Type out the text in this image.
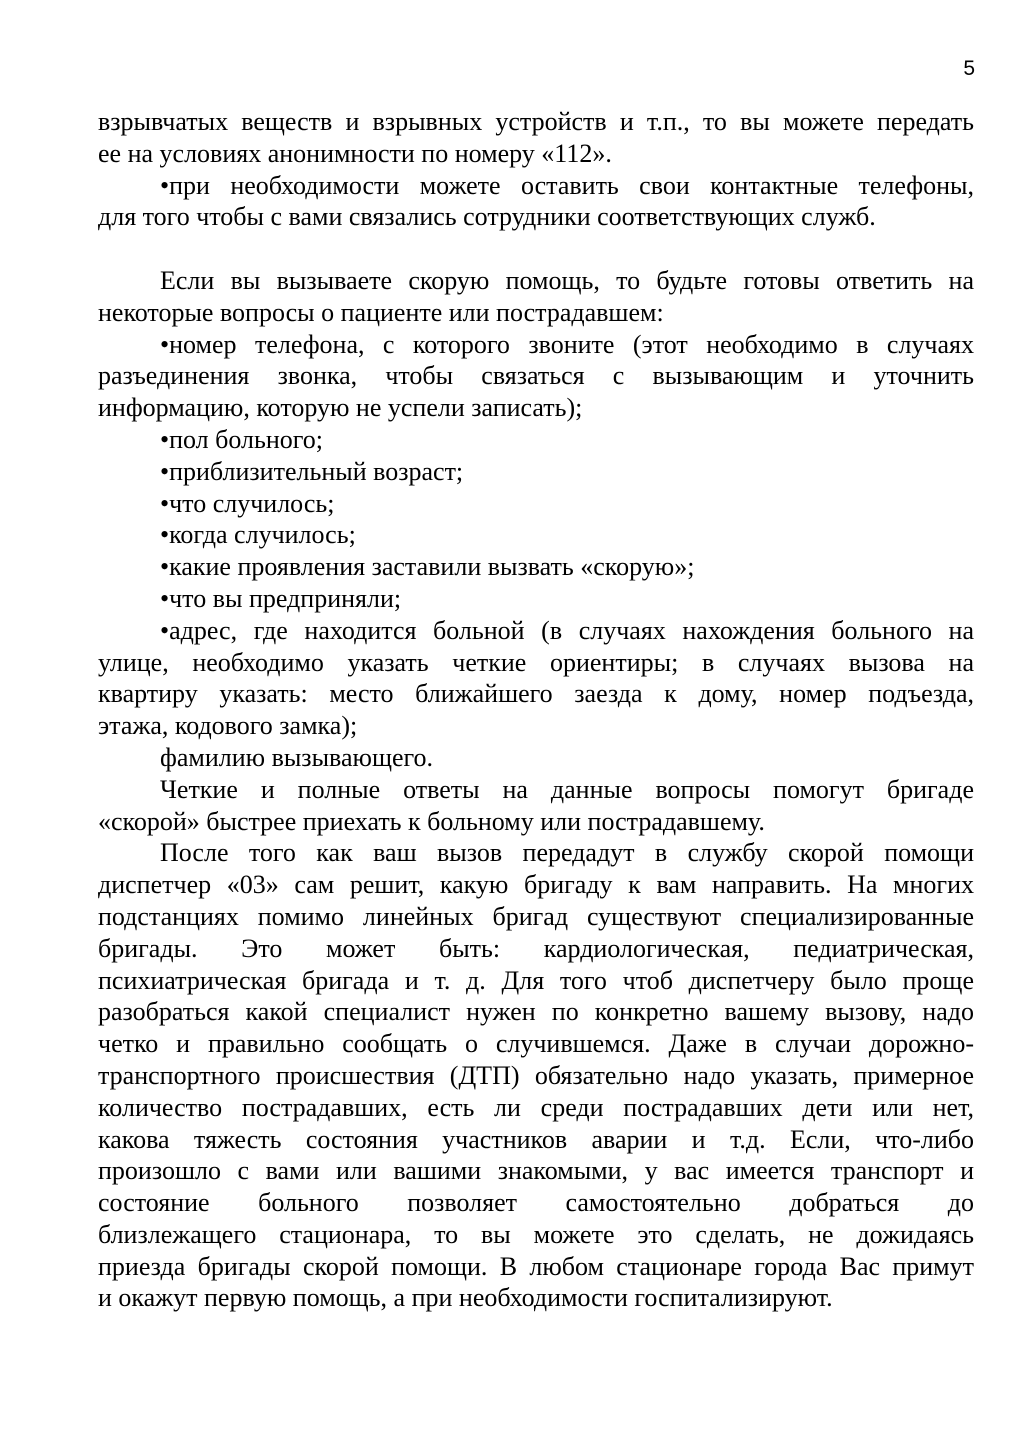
5
взрывчатых веществ и взрывных устройств и т.п., то вы можете передать
ее на условиях анонимности по номеру «112».
•при необходимости можете оставить свои контактные телефоны,
для того чтобы с вами связались сотрудники соответствующих служб.

Если вы вызываете скорую помощь, то будьте готовы ответить на
некоторые вопросы о пациенте или пострадавшем:
•номер телефона, с которого звоните (этот необходимо в случаях
разъединения звонка, чтобы связаться с вызывающим и уточнить
информацию, которую не успели записать);
•пол больного;
•приблизительный возраст;
•что случилось;
•когда случилось;
•какие проявления заставили вызвать «скорую»;
•что вы предприняли;
•адрес, где находится больной (в случаях нахождения больного на
улице, необходимо указать четкие ориентиры; в случаях вызова на
квартиру указать: место ближайшего заезда к дому, номер подъезда,
этажа, кодового замка);
фамилию вызывающего.
Четкие и полные ответы на данные вопросы помогут бригаде
«скорой» быстрее приехать к больному или пострадавшему.
После того как ваш вызов передадут в службу скорой помощи
диспетчер «03» сам решит, какую бригаду к вам направить. На многих
подстанциях помимо линейных бригад существуют специализированные
бригады. Это может быть: кардиологическая, педиатрическая,
психиатрическая бригада и т. д. Для того чтоб диспетчеру было проще
разобраться какой специалист нужен по конкретно вашему вызову, надо
четко и правильно сообщать о случившемся. Даже в случаи дорожно-
транспортного происшествия (ДТП) обязательно надо указать, примерное
количество пострадавших, есть ли среди пострадавших дети или нет,
какова тяжесть состояния участников аварии и т.д. Если, что-либо
произошло с вами или вашими знакомыми, у вас имеется транспорт и
состояние больного позволяет самостоятельно добраться до
близлежащего стационара, то вы можете это сделать, не дожидаясь
приезда бригады скорой помощи. В любом стационаре города Вас примут
и окажут первую помощь, а при необходимости госпитализируют.
